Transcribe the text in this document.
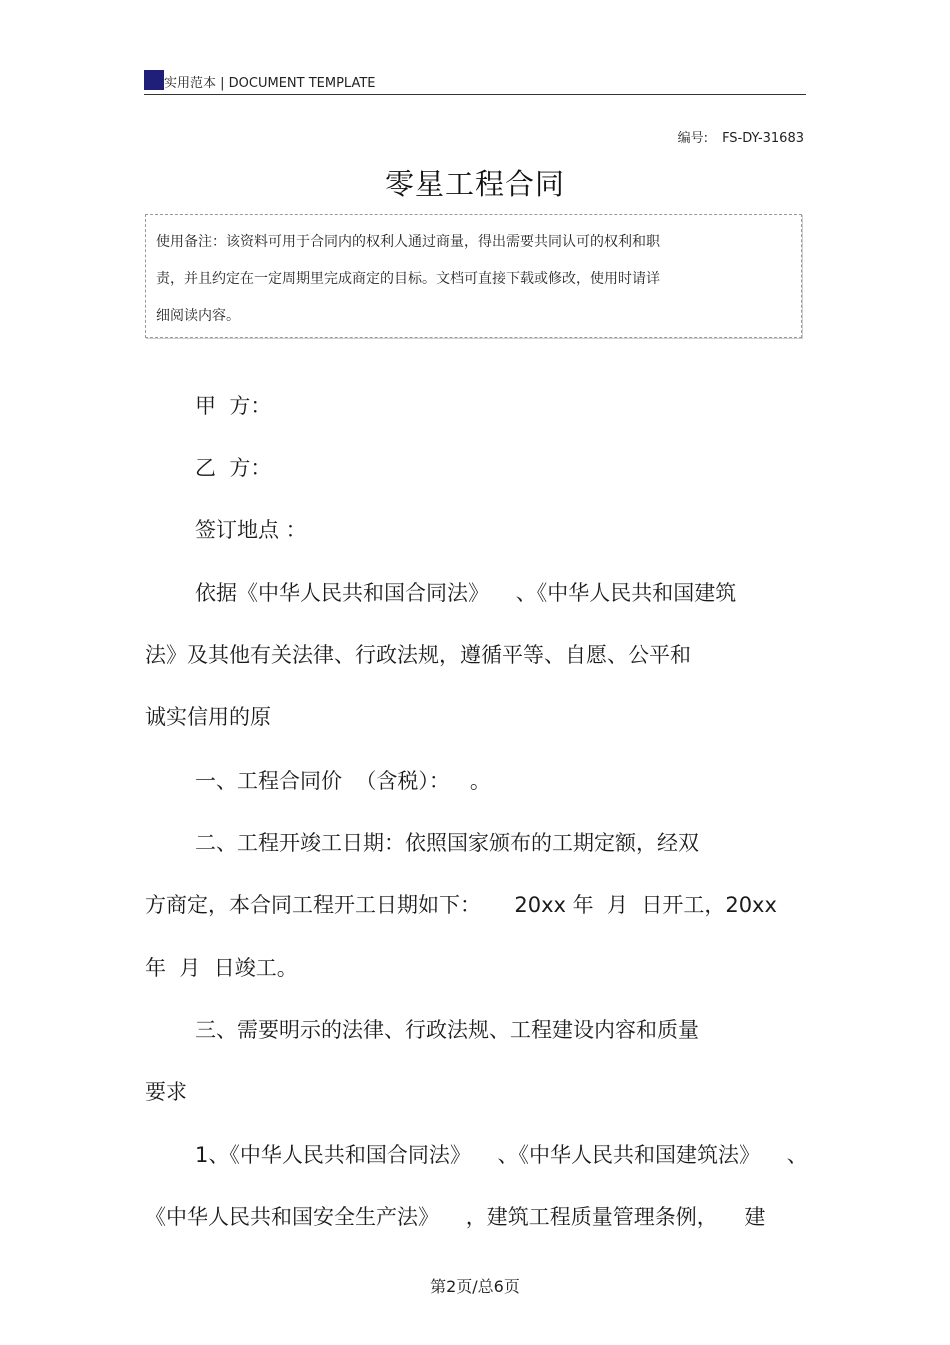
实用范本 | DOCUMENT TEMPLATE
编号: FS-DY-31683
零星工程合同
使用备注：该资料可用于合同内的权利人通过商量，得出需要共同认可的权利和职
责，并且约定在一定周期里完成商定的目标。文档可直接下载或修改，使用时请详
细阅读内容。
甲  方：
乙  方：
签订地点 ：
依据《中华人民共和国合同法》    、《中华人民共和国建筑
法》及其他有关法律、行政法规，遵循平等、自愿、公平和
诚实信用的原
一、工程合同价  （含税）：   。
二、工程开竣工日期：依照国家颁布的工期定额，经双
方商定，本合同工程开工日期如下：     20xx 年  月  日开工，20xx
年  月  日竣工。
三、需要明示的法律、行政法规、工程建设内容和质量
要求
1、《中华人民共和国合同法》    、《中华人民共和国建筑法》    、
《中华人民共和国安全生产法》    ，建筑工程质量管理条例，    建
第2页/总6页
